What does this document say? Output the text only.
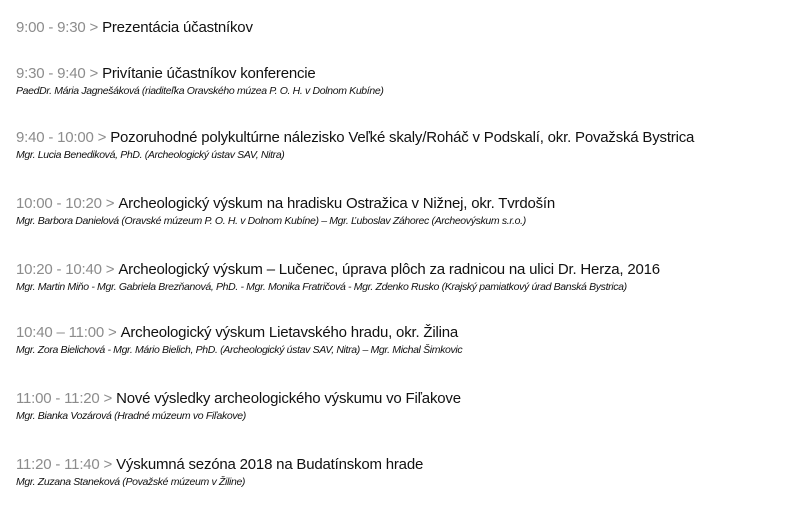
9:00 - 9:30 > Prezentácia účastníkov
9:30 - 9:40 > Privítanie účastníkov konferencie
PaedDr. Mária Jagnešáková (riaditeľka Oravského múzea P. O. H. v Dolnom Kubíne)
9:40 - 10:00 > Pozoruhodné polykultúrne nálezisko Veľké skaly/Roháč v Podskalí, okr. Považská Bystrica
Mgr. Lucia Benediková, PhD. (Archeologický ústav SAV, Nitra)
10:00 - 10:20 > Archeologický výskum na hradisku Ostražica v Nižnej, okr. Tvrdošín
Mgr. Barbora Danielová (Oravské múzeum P. O. H. v Dolnom Kubíne) – Mgr. Ľuboslav Záhorec (Archeovýskum s.r.o.)
10:20 - 10:40 > Archeologický výskum – Lučenec, úprava plôch za radnicou na ulici Dr. Herza, 2016
Mgr. Martin Miňo - Mgr. Gabriela Brezňanová, PhD. - Mgr. Monika Fratričová - Mgr. Zdenko Rusko (Krajský pamiatkový úrad Banská Bystrica)
10:40 – 11:00 > Archeologický výskum Lietavského hradu, okr. Žilina
Mgr. Zora Bielichová - Mgr. Mário Bielich, PhD. (Archeologický ústav SAV, Nitra) – Mgr. Michal Šimkovic
11:00 - 11:20 > Nové výsledky archeologického výskumu vo Fiľakove
Mgr. Bianka Vozárová (Hradné múzeum vo Fiľakove)
11:20 - 11:40 > Výskumná sezóna 2018 na Budatínskom hrade
Mgr. Zuzana Staneková (Považské múzeum v Žiline)
